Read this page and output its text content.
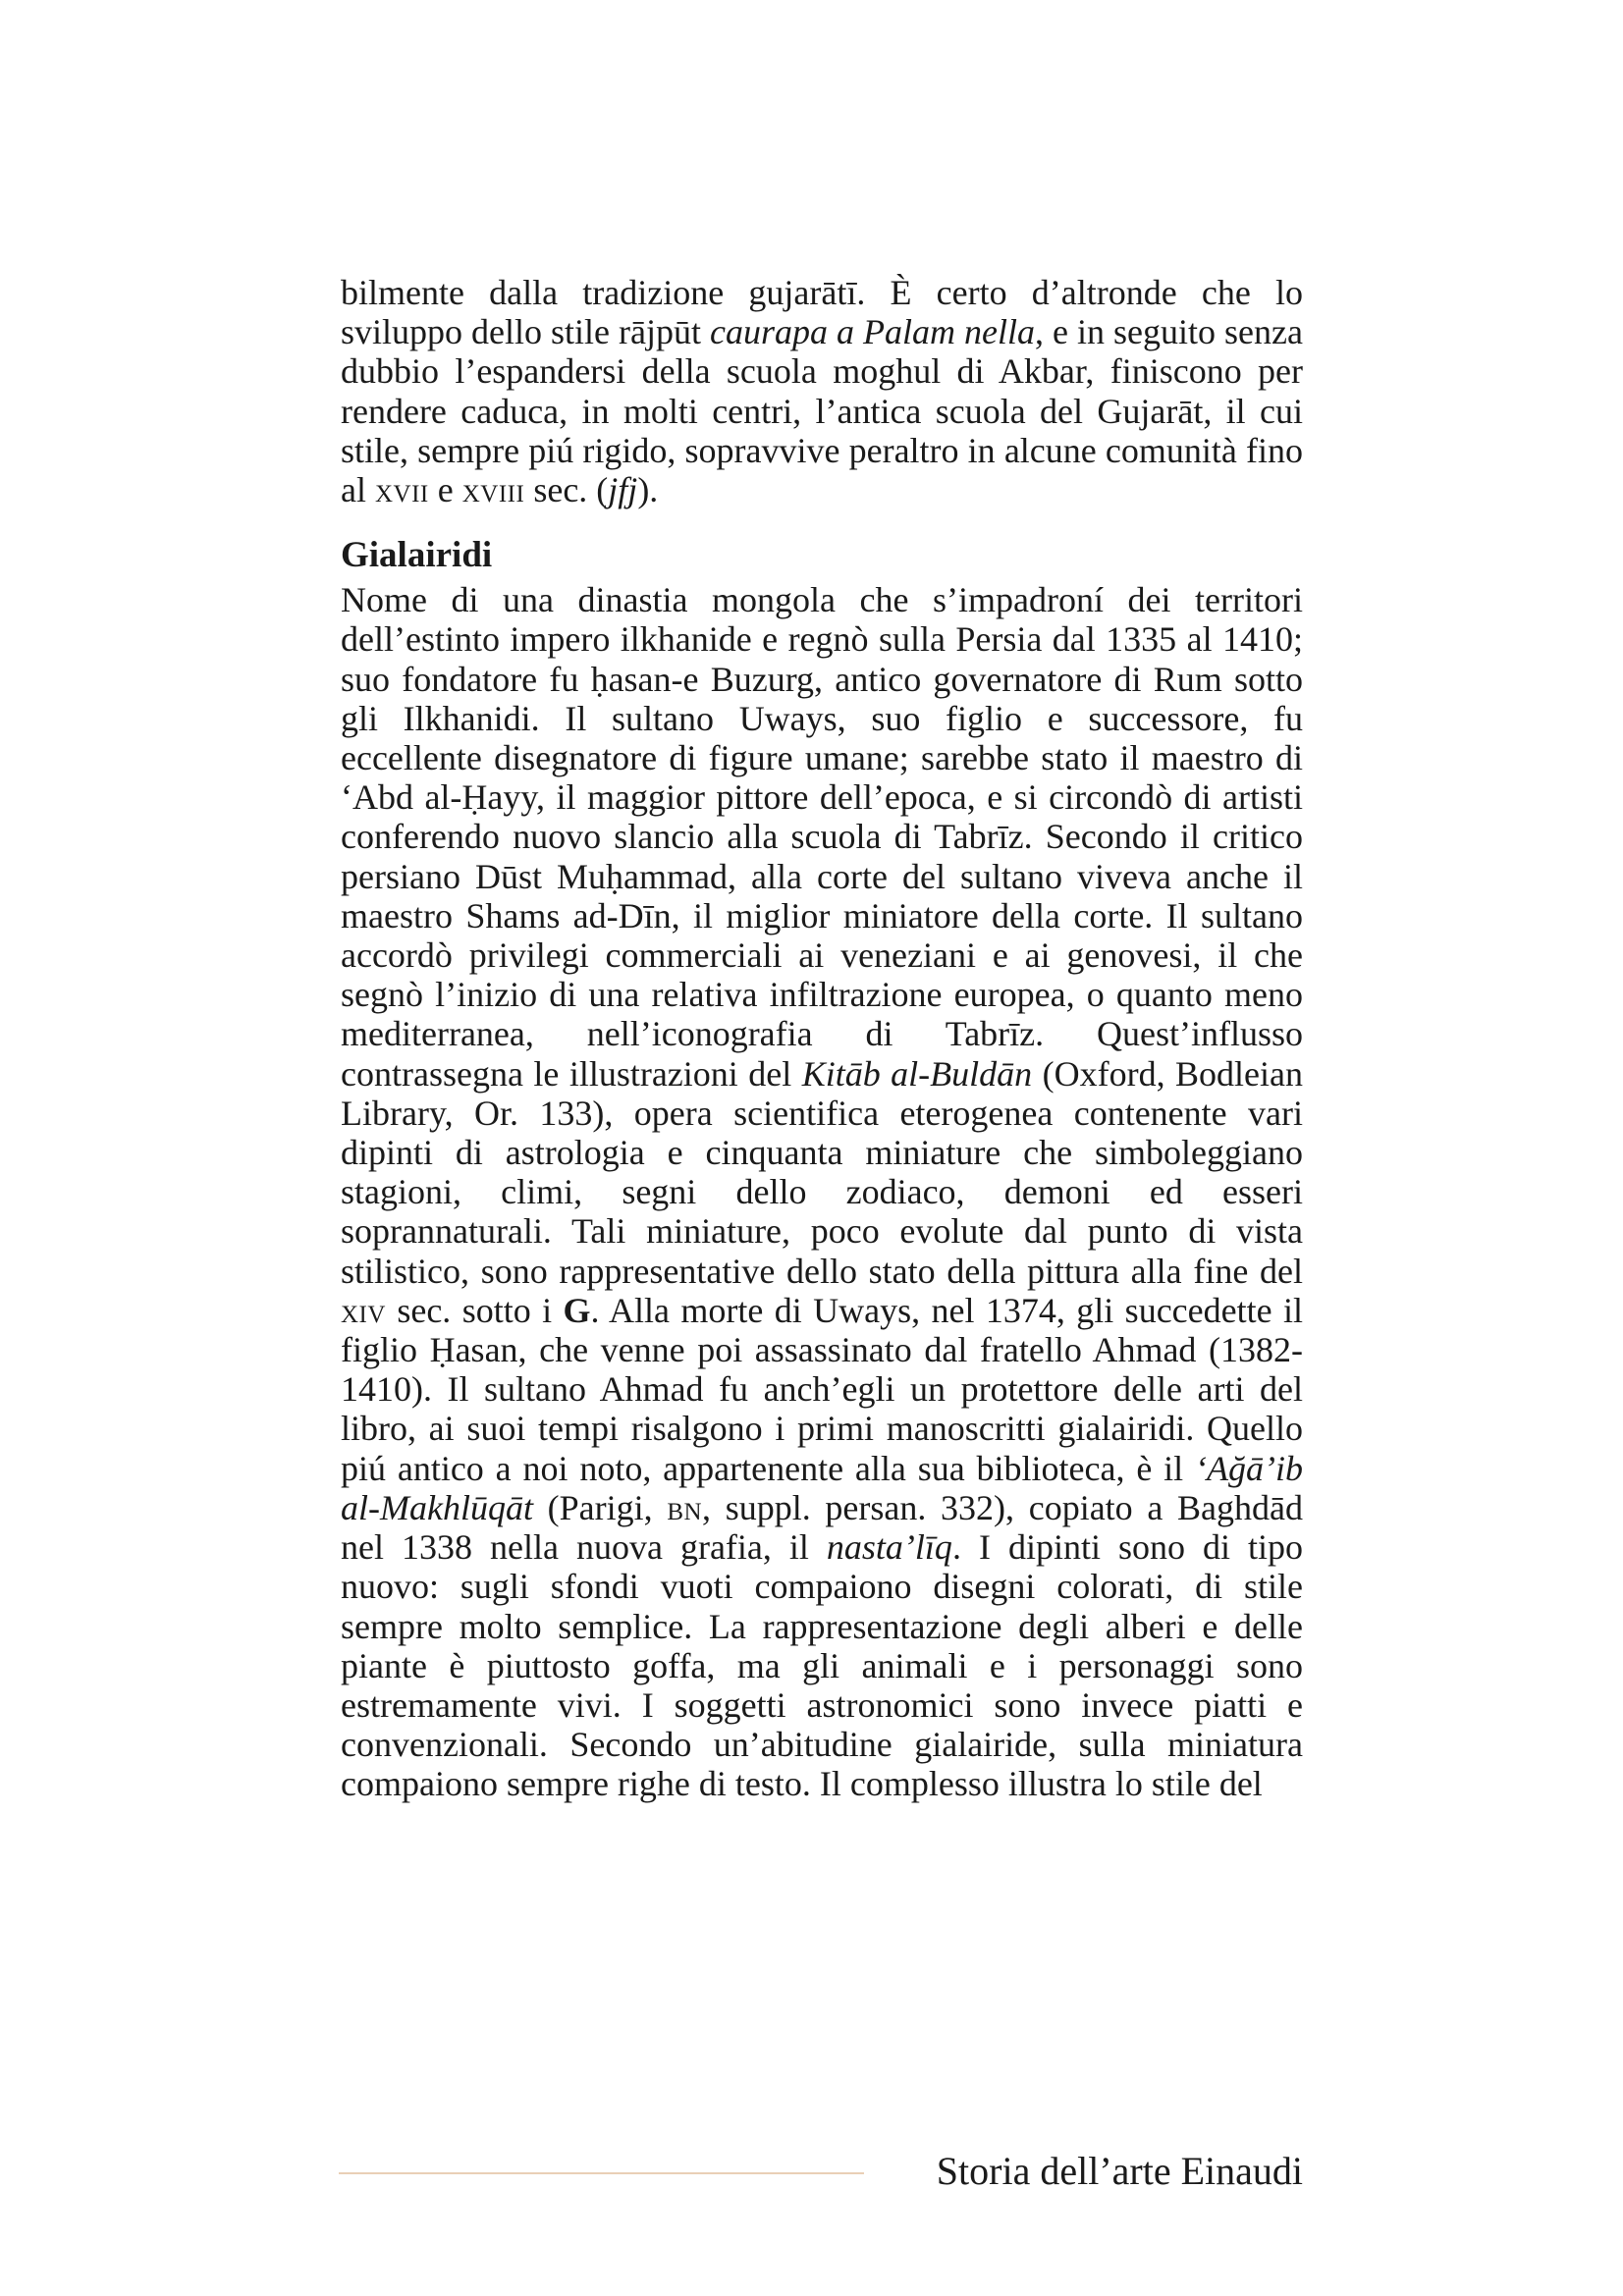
bilmente dalla tradizione gujarātī. È certo d’altronde che lo sviluppo dello stile rājpūt caurapa a Palam nella, e in seguito senza dubbio l’espandersi della scuola moghul di Akbar, finiscono per rendere caduca, in molti centri, l’antica scuola del Gujarāt, il cui stile, sempre piú rigido, sopravvive peraltro in alcune comunità fino al xvii e xviii sec. (jfj).

Gialairidi

Nome di una dinastia mongola che s’impadroní dei territori dell’estinto impero ilkhanide e regnò sulla Persia dal 1335 al 1410; suo fondatore fu ḥasan-e Buzurg, antico governatore di Rum sotto gli Ilkhanidi. Il sultano Uways, suo figlio e successore, fu eccellente disegnatore di figure umane; sarebbe stato il maestro di ‘Abd al-Ḥayy, il maggior pittore dell’epoca, e si circondò di artisti conferendo nuovo slancio alla scuola di Tabrīz. Secondo il critico persiano Dūst Muḥammad, alla corte del sultano viveva anche il maestro Shams ad-Dīn, il miglior miniatore della corte. Il sultano accordò privilegi commerciali ai veneziani e ai genovesi, il che segnò l’inizio di una relativa infiltrazione europea, o quanto meno mediterranea, nell’iconografia di Tabrīz. Quest’influsso contrassegna le illustrazioni del Kitāb al-Buldān (Oxford, Bodleian Library, Or. 133), opera scientifica eterogenea contenente vari dipinti di astrologia e cinquanta miniature che simboleggiano stagioni, climi, segni dello zodiaco, demoni ed esseri soprannaturali. Tali miniature, poco evolute dal punto di vista stilistico, sono rappresentative dello stato della pittura alla fine del xiv sec. sotto i G. Alla morte di Uways, nel 1374, gli succedette il figlio Ḥasan, che venne poi assassinato dal fratello Ahmad (1382-1410). Il sultano Ahmad fu anch’egli un protettore delle arti del libro, ai suoi tempi risalgono i primi manoscritti gialairidi. Quello piú antico a noi noto, appartenente alla sua biblioteca, è il ‘Ağā’ib al-Makhlūqāt (Parigi, bn, suppl. persan. 332), copiato a Baghdād nel 1338 nella nuova grafia, il nasta’līq. I dipinti sono di tipo nuovo: sugli sfondi vuoti compaiono disegni colorati, di stile sempre molto semplice. La rappresentazione degli alberi e delle piante è piuttosto goffa, ma gli animali e i personaggi sono estremamente vivi. I soggetti astronomici sono invece piatti e convenzionali. Secondo un’abitudine gialairide, sulla miniatura compaiono sempre righe di testo. Il complesso illustra lo stile del

Storia dell’arte Einaudi
